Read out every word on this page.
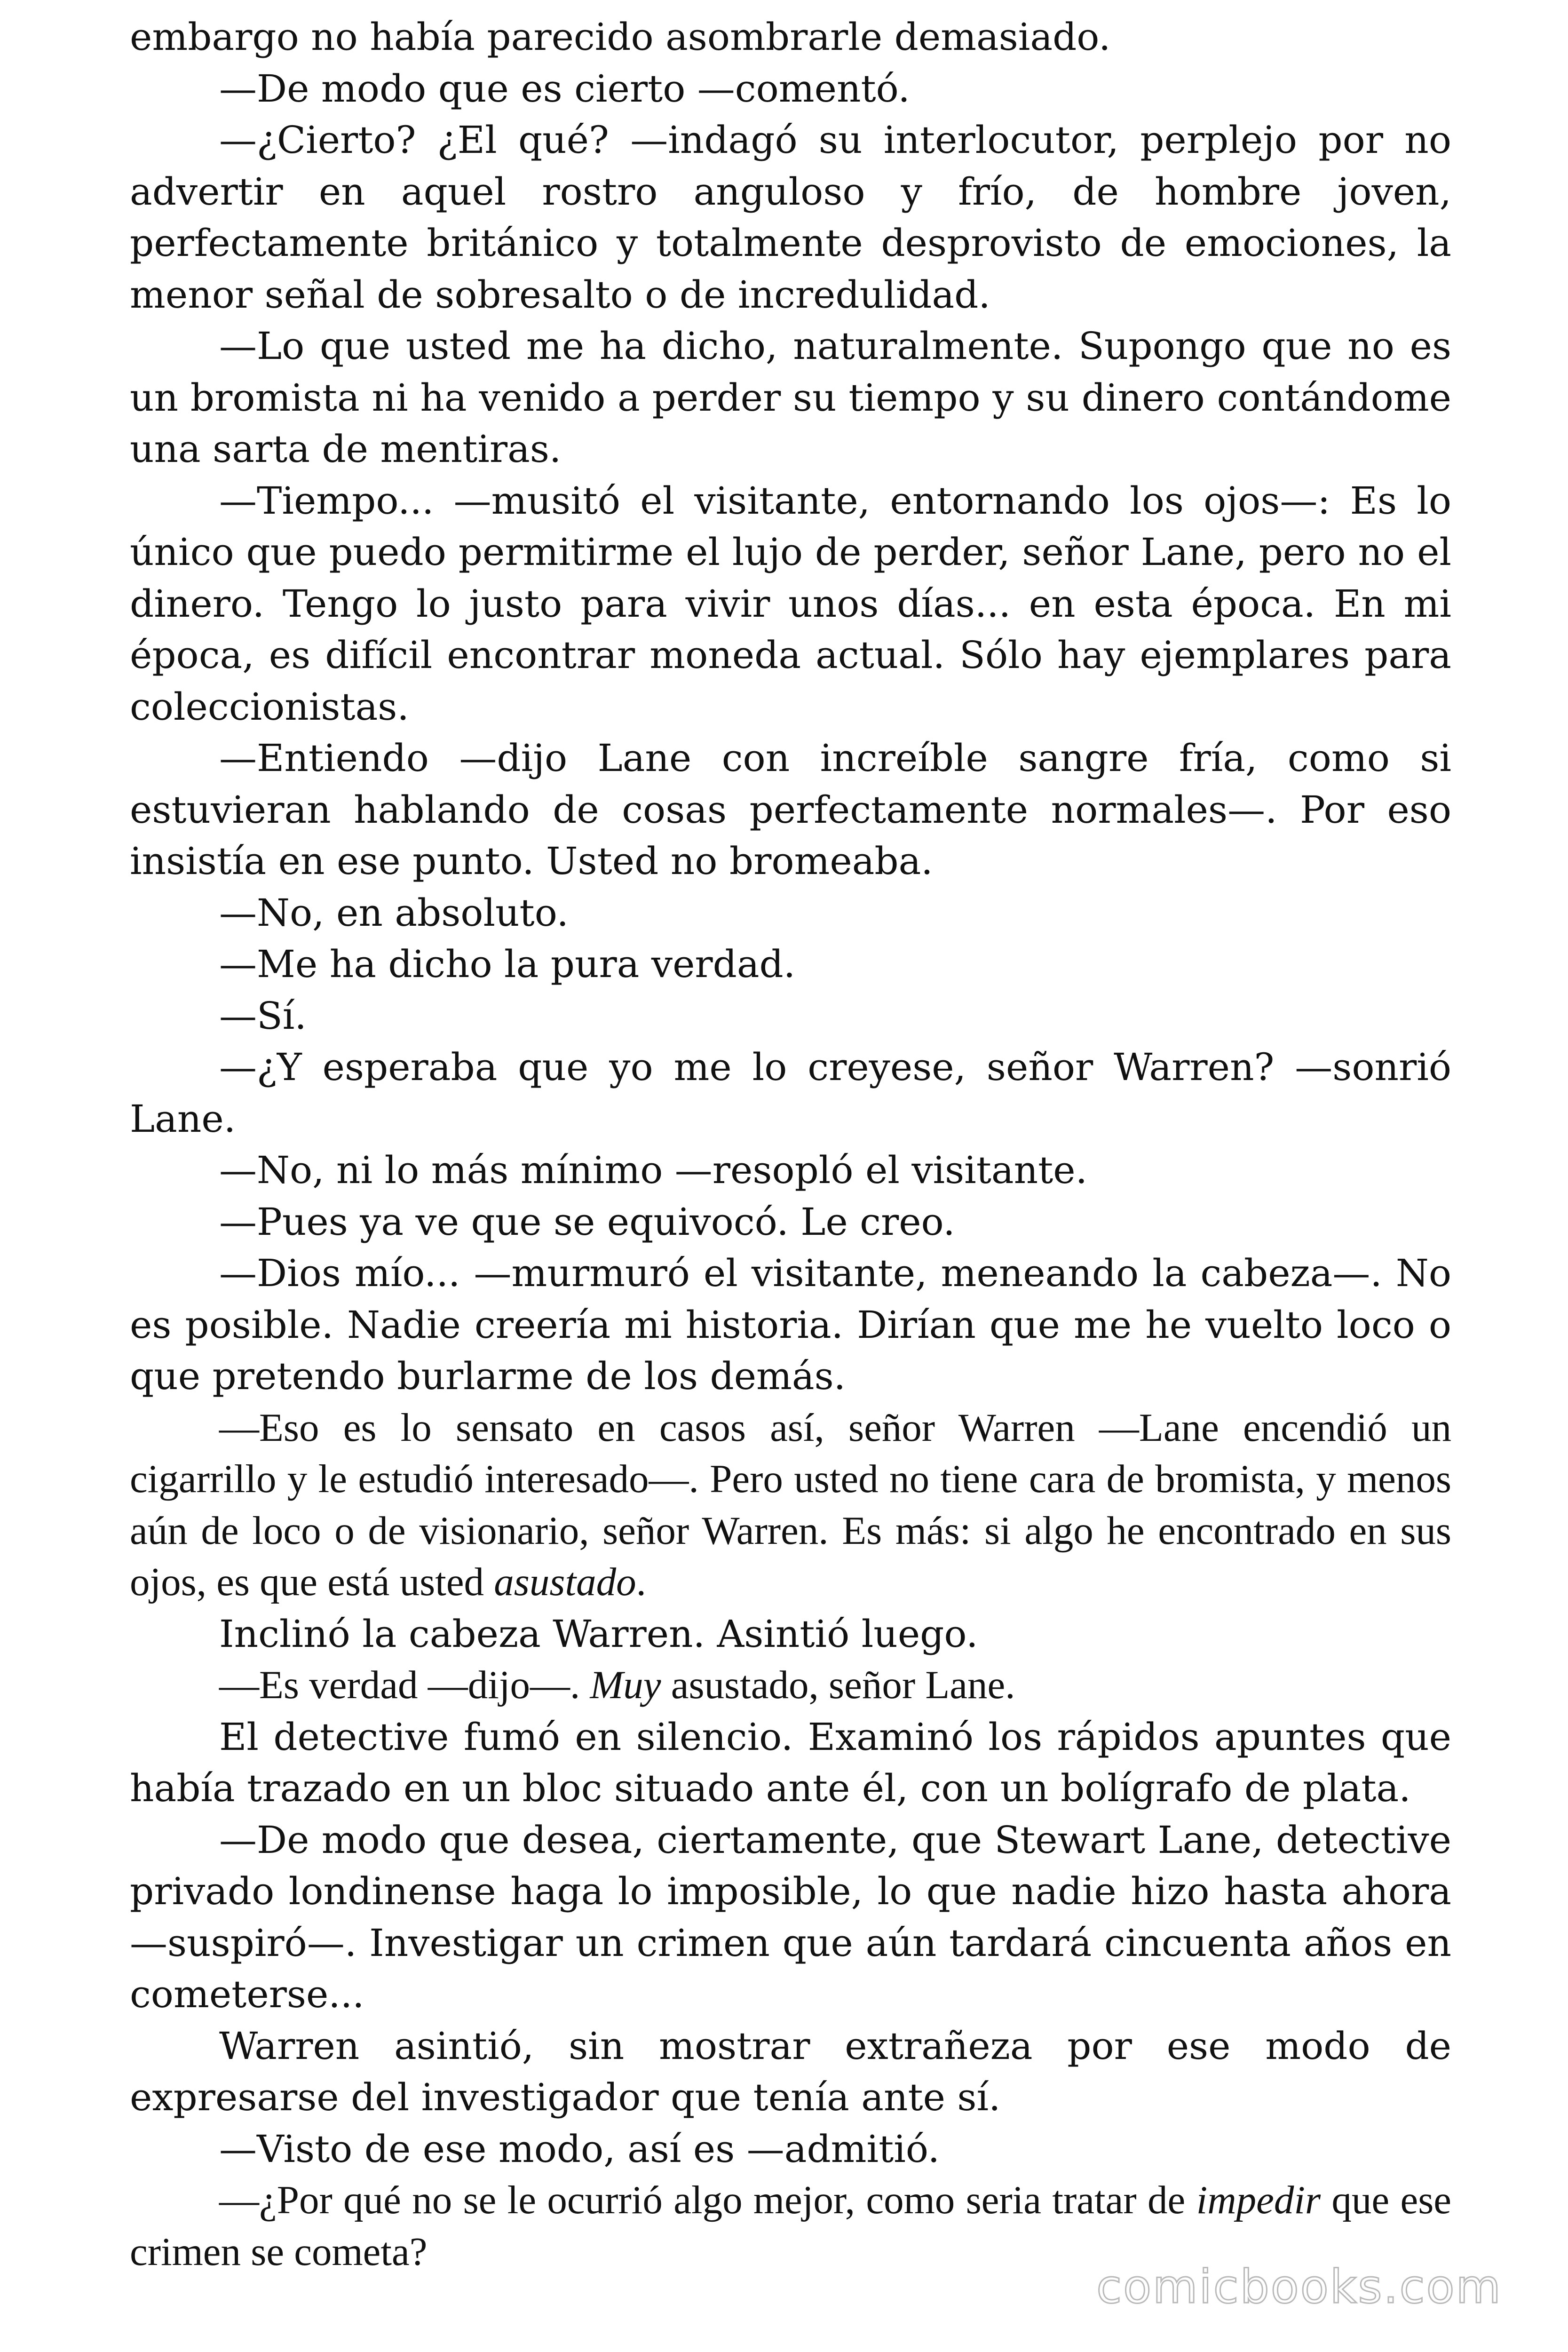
embargo no había parecido asombrarle demasiado.

—De modo que es cierto —comentó.

—¿Cierto? ¿El qué? —indagó su interlocutor, perplejo por no advertir en aquel rostro anguloso y frío, de hombre joven, perfectamente británico y totalmente desprovisto de emociones, la menor señal de sobresalto o de incredulidad.

—Lo que usted me ha dicho, naturalmente. Supongo que no es un bromista ni ha venido a perder su tiempo y su dinero contándome una sarta de mentiras.

—Tiempo... —musitó el visitante, entornando los ojos—: Es lo único que puedo permitirme el lujo de perder, señor Lane, pero no el dinero. Tengo lo justo para vivir unos días... en esta época. En mi época, es difícil encontrar moneda actual. Sólo hay ejemplares para coleccionistas.

—Entiendo —dijo Lane con increíble sangre fría, como si estuvieran hablando de cosas perfectamente normales—. Por eso insistía en ese punto. Usted no bromeaba.

—No, en absoluto.

—Me ha dicho la pura verdad.

—Sí.

—¿Y esperaba que yo me lo creyese, señor Warren? —sonrió Lane.

—No, ni lo más mínimo —resopló el visitante.

—Pues ya ve que se equivocó. Le creo.

—Dios mío... —murmuró el visitante, meneando la cabeza—. No es posible. Nadie creería mi historia. Dirían que me he vuelto loco o que pretendo burlarme de los demás.

—Eso es lo sensato en casos así, señor Warren —Lane encendió un cigarrillo y le estudió interesado—. Pero usted no tiene cara de bromista, y menos aún de loco o de visionario, señor Warren. Es más: si algo he encontrado en sus ojos, es que está usted asustado.

Inclinó la cabeza Warren. Asintió luego.

—Es verdad —dijo—. Muy asustado, señor Lane.

El detective fumó en silencio. Examinó los rápidos apuntes que había trazado en un bloc situado ante él, con un bolígrafo de plata.

—De modo que desea, ciertamente, que Stewart Lane, detective privado londinense haga lo imposible, lo que nadie hizo hasta ahora —suspiró—. Investigar un crimen que aún tardará cincuenta años en cometerse...

Warren asintió, sin mostrar extrañeza por ese modo de expresarse del investigador que tenía ante sí.

—Visto de ese modo, así es —admitió.

—¿Por qué no se le ocurrió algo mejor, como seria tratar de impedir que ese crimen se cometa?

comicbooks.com
